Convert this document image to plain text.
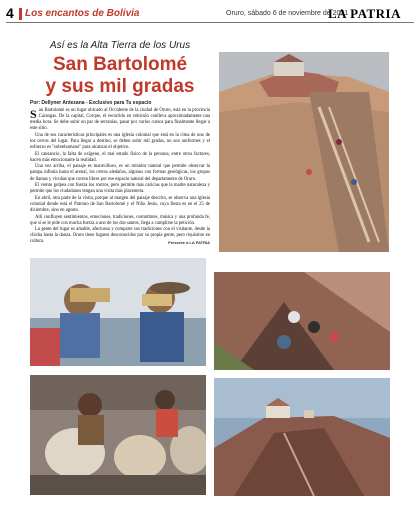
4 Los encantos de Bolivia	Oruro, sábado 6 de noviembre de 2021
LA PATRIA
Así es la Alta Tierra de los Urus
San Bartolomé
y sus mil gradas
Por: Dellyner Antezana - Exclusivo para Tu espacio

San Bartolomé es un lugar ubicado al Occidente de la ciudad de Oruro, está en la provincia Carangas. De la capital, Corque, el recorrido en vehículo conlleva aproximadamente una media hora. Se debe subir un par de serranías, pasar por varios cursos para finalmente llegar a este sitio.

Una de sus características principales es una iglesia colonial que está en la cima de uno de los cerros del lugar. Para llegar a destino, se deben subir mil gradas, no son uniformes y el esfuerzo es "sobrehumano" para alcanzar el objetivo.

El cansancio, la falta de oxígeno, el mal estado físico de la persona, entre otros factores, hacen más emocionante la realidad.

Una vez arriba, el paisaje es maravilloso, es un mirador natural que permite observar la pampa infinita hasta el arenal, los cerros aledaños, algunos con formas geológicas, los grupos de llamas y vicuñas que corren libres por ese espacio natural del departamento de Oruro.

El viento golpea con fuerza los rostros, pero permite más caricias que la madre naturaleza y permite que los ciudadanos tengan una visita más placentera.

En abril, otra parte de la visita, porque al margen del paisaje descrito, se observa una iglesia colonial donde está el Patrono de San Bartolomé y el Niño Jesús, cuya fiesta es en el 25 de diciembre, sino en agosto.

Allí confluyen sentimientos, emociones, tradiciones, costumbres, música y una profunda fe, que sí se le pide con mucha fuerza a uno de los dos santos, llega a cumplirse la petición.

La gente del lugar es amable, afectuosa y comparte sus tradiciones con el visitante, desde la chicha hasta la danza. Oruro tiene lugares desconocidos por su propia gente, pero riquísimo en cultura.	Presente a LA PATRIA
